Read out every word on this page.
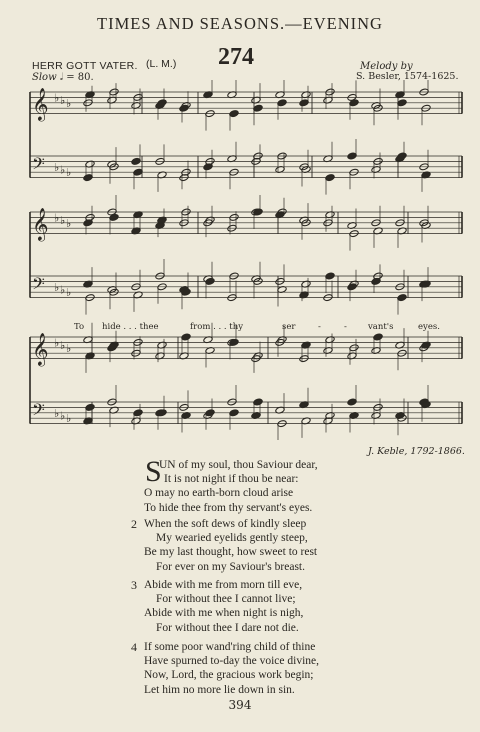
TIMES AND SEASONS.—EVENING
HERR GOTT VATER. (L. M.) 274
Slow 𝅗𝅥 = 80.
Melody by
S. Besler, 1574-1625.
𝄞 ♭ ♭ ♭
𝄢 ♭ ♭ ♭
𝄞 ♭ ♭ ♭
𝄢 ♭ ♭ ♭
𝄞 ♭ ♭ ♭
𝄢 ♭ ♭ ♭
To hide . . . thee	from . . . thy	ser	-	- vant's	eyes.
J. Keble, 1792-1866.
S
UN of my soul, thou Saviour dear,
It is not night if thou be near:
O may no earth-born cloud arise
To hide thee from thy servant's eyes.
2 When the soft dews of kindly sleep
My wearied eyelids gently steep,
Be my last thought, how sweet to rest
For ever on my Saviour's breast.
3 Abide with me from morn till eve,
For without thee I cannot live;
Abide with me when night is nigh,
For without thee I dare not die.
4 If some poor wand'ring child of thine
Have spurned to-day the voice divine,
Now, Lord, the gracious work begin;
Let him no more lie down in sin.
394
